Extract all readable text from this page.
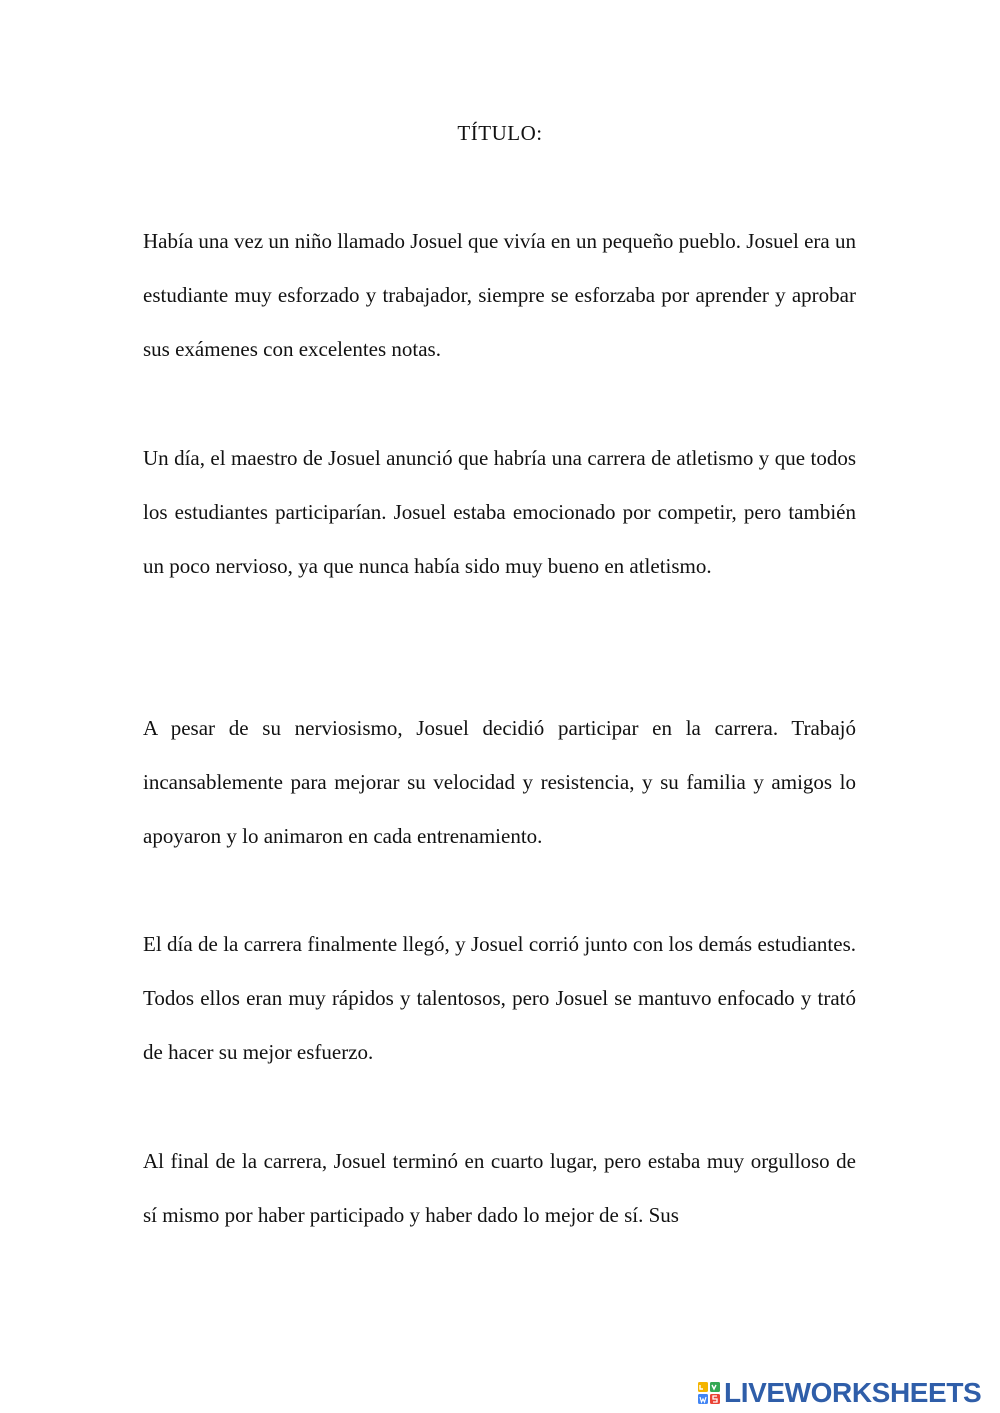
TÍTULO:

Había una vez un niño llamado Josuel que vivía en un pequeño pueblo. Josuel era un estudiante muy esforzado y trabajador, siempre se esforzaba por aprender y aprobar sus exámenes con excelentes notas.

Un día, el maestro de Josuel anunció que habría una carrera de atletismo y que todos los estudiantes participarían. Josuel estaba emocionado por competir, pero también un poco nervioso, ya que nunca había sido muy bueno en atletismo.

A pesar de su nerviosismo, Josuel decidió participar en la carrera. Trabajó incansablemente para mejorar su velocidad y resistencia, y su familia y amigos lo apoyaron y lo animaron en cada entrenamiento.

El día de la carrera finalmente llegó, y Josuel corrió junto con los demás estudiantes. Todos ellos eran muy rápidos y talentosos, pero Josuel se mantuvo enfocado y trató de hacer su mejor esfuerzo.

Al final de la carrera, Josuel terminó en cuarto lugar, pero estaba muy orgulloso de sí mismo por haber participado y haber dado lo mejor de sí. Sus

LIVEWORKSHEETS
